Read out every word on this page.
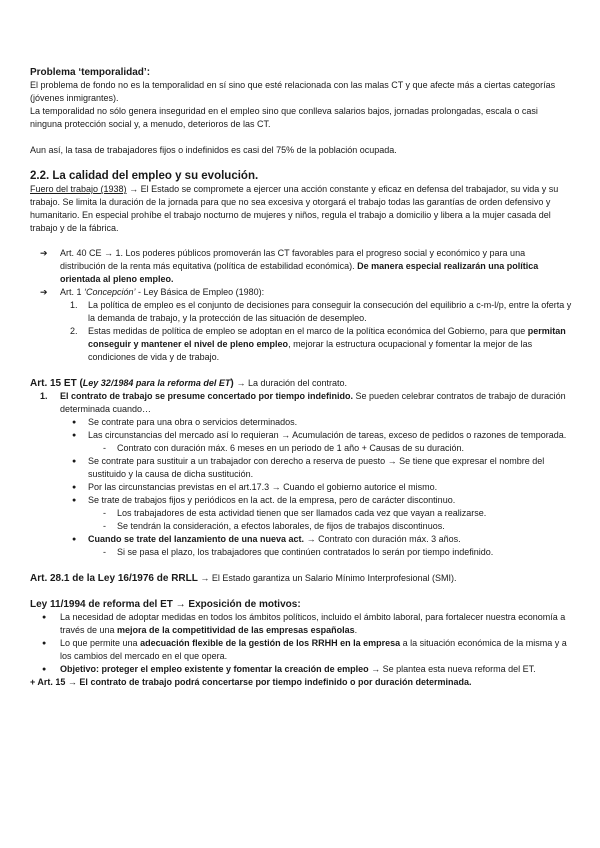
Problema ‘temporalidad’:

El problema de fondo no es la temporalidad en sí sino que esté relacionada con las malas CT y que afecte más a ciertas categorías (jóvenes inmigrantes).

La temporalidad no sólo genera inseguridad en el empleo sino que conlleva salarios bajos, jornadas prolongadas, escala o casi ninguna protección social y, a menudo, deterioros de las CT.

Aun así, la tasa de trabajadores fijos o indefinidos es casi del 75% de la población ocupada.

2.2. La calidad del empleo y su evolución.

Fuero del trabajo (1938) → El Estado se compromete a ejercer una acción constante y eficaz en defensa del trabajador, su vida y su trabajo. Se limita la duración de la jornada para que no sea excesiva y otorgará el trabajo todas las garantías de orden defensivo y humanitario. En especial prohíbe el trabajo nocturno de mujeres y niños, regula el trabajo a domicilio y libera a la mujer casada del trabajo y de la fábrica.

➔ Art. 40 CE → 1. Los poderes públicos promoverán las CT favorables para el progreso social y económico y para una distribución de la renta más equitativa (política de estabilidad económica). De manera especial realizarán una política orientada al pleno empleo.
➔ Art. 1 ‘Concepción’ - Ley Básica de Empleo (1980):
1. La política de empleo es el conjunto de decisiones para conseguir la consecución del equilibrio a c-m-l/p, entre la oferta y la demanda de trabajo, y la protección de las situación de desempleo.
2. Estas medidas de política de empleo se adoptan en el marco de la política económica del Gobierno, para que permitan conseguir y mantener el nivel de pleno empleo, mejorar la estructura ocupacional y fomentar la mejor de las condiciones de vida y de trabajo.

Art. 15 ET (Ley 32/1984 para la reforma del ET) → La duración del contrato.

1. El contrato de trabajo se presume concertado por tiempo indefinido. Se pueden celebrar contratos de trabajo de duración determinada cuando…
● Se contrate para una obra o servicios determinados.
● Las circunstancias del mercado así lo requieran → Acumulación de tareas, exceso de pedidos o razones de temporada.
- Contrato con duración máx. 6 meses en un periodo de 1 año + Causas de su duración.
● Se contrate para sustituir a un trabajador con derecho a reserva de puesto → Se tiene que expresar el nombre del sustituido y la causa de dicha sustitución.
● Por las circunstancias previstas en el art.17.3 → Cuando el gobierno autorice el mismo.
● Se trate de trabajos fijos y periódicos en la act. de la empresa, pero de carácter discontinuo.
- Los trabajadores de esta actividad tienen que ser llamados cada vez que vayan a realizarse.
- Se tendrán la consideración, a efectos laborales, de fijos de trabajos discontinuos.
● Cuando se trate del lanzamiento de una nueva act. → Contrato con duración máx. 3 años.
- Si se pasa el plazo, los trabajadores que continúen contratados lo serán por tiempo indefinido.

Art. 28.1 de la Ley 16/1976 de RRLL → El Estado garantiza un Salario Mínimo Interprofesional (SMI).

Ley 11/1994 de reforma del ET → Exposición de motivos:

● La necesidad de adoptar medidas en todos los ámbitos políticos, incluido el ámbito laboral, para fortalecer nuestra economía a través de una mejora de la competitividad de las empresas españolas.
● Lo que permite una adecuación flexible de la gestión de los RRHH en la empresa a la situación económica de la misma y a los cambios del mercado en el que opera.
● Objetivo: proteger el empleo existente y fomentar la creación de empleo → Se plantea esta nueva reforma del ET.

+ Art. 15 → El contrato de trabajo podrá concertarse por tiempo indefinido o por duración determinada.
